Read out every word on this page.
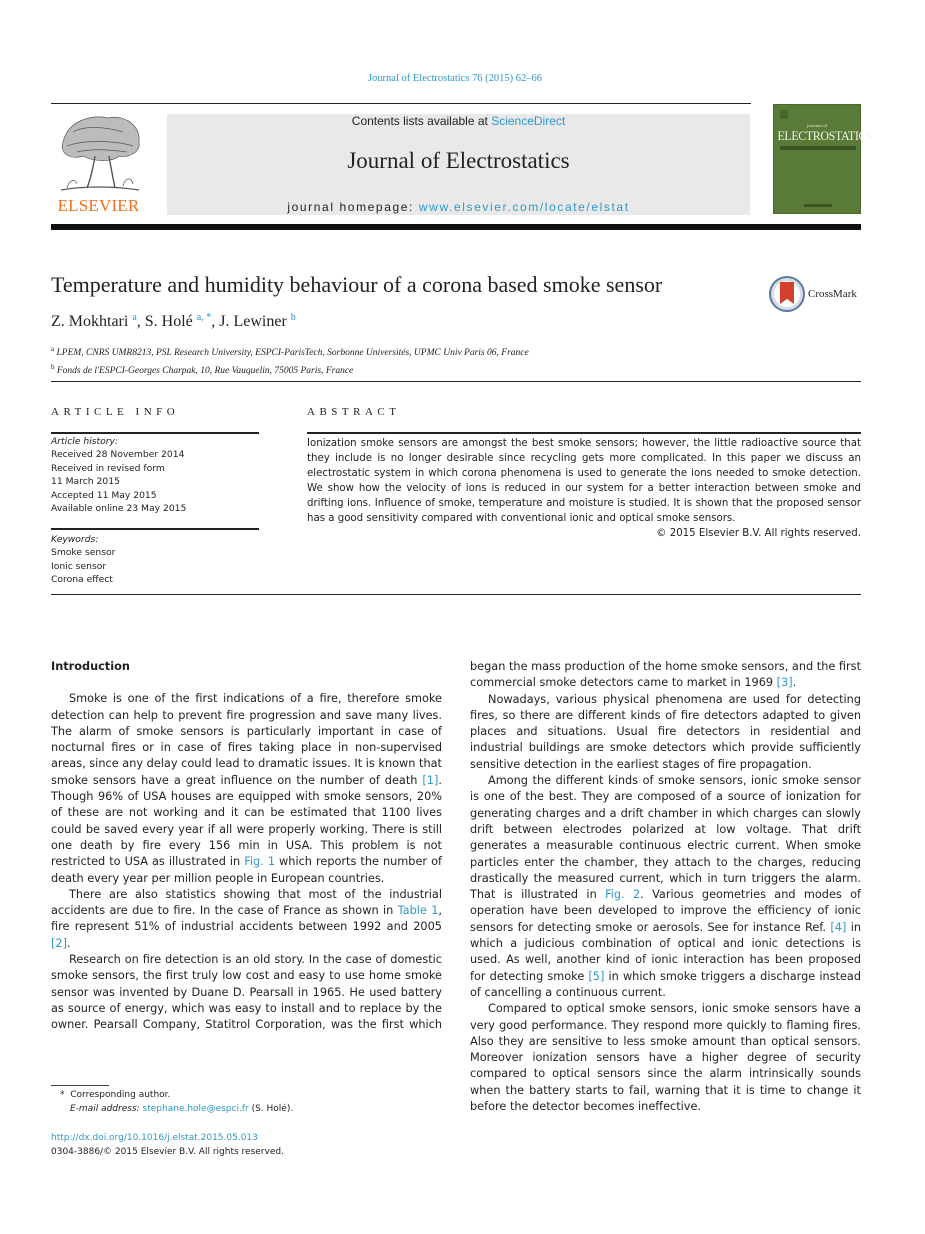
Journal of Electrostatics 76 (2015) 62–66
ELSEVIER
Contents lists available at ScienceDirect
Journal of Electrostatics
journal homepage: www.elsevier.com/locate/elstat
Journal of
ELECTROSTATICS
Temperature and humidity behaviour of a corona based smoke sensor	CrossMark
Z. Mokhtari $^a$, S. Holé $^{a, *}$, J. Lewiner $^b$
$^a$ LPEM, CNRS UMR8213, PSL Research University, ESPCI-ParisTech, Sorbonne Universités, UPMC Univ Paris 06, France
$^b$ Fonds de l'ESPCI-Georges Charpak, 10, Rue Vauquelin, 75005 Paris, France
ARTICLE INFO
Article history:
Received 28 November 2014
Received in revised form
11 March 2015
Accepted 11 May 2015
Available online 23 May 2015
Keywords:
Smoke sensor
Ionic sensor
Corona effect
ABSTRACT
Ionization smoke sensors are amongst the best smoke sensors; however, the little radioactive source that they include is no longer desirable since recycling gets more complicated. In this paper we discuss an electrostatic system in which corona phenomena is used to generate the ions needed to smoke detection. We show how the velocity of ions is reduced in our system for a better interaction between smoke and drifting ions. Influence of smoke, temperature and moisture is studied. It is shown that the proposed sensor has a good sensitivity compared with conventional ionic and optical smoke sensors.
© 2015 Elsevier B.V. All rights reserved.
Introduction

Smoke is one of the first indications of a fire, therefore smoke detection can help to prevent fire progression and save many lives. The alarm of smoke sensors is particularly important in case of nocturnal fires or in case of fires taking place in non-supervised areas, since any delay could lead to dramatic issues. It is known that smoke sensors have a great influence on the number of death [1]. Though 96% of USA houses are equipped with smoke sensors, 20% of these are not working and it can be estimated that 1100 lives could be saved every year if all were properly working. There is still one death by fire every 156 min in USA. This problem is not restricted to USA as illustrated in Fig. 1 which reports the number of death every year per million people in European countries.

There are also statistics showing that most of the industrial accidents are due to fire. In the case of France as shown in Table 1, fire represent 51% of industrial accidents between 1992 and 2005 [2].

Research on fire detection is an old story. In the case of domestic smoke sensors, the first truly low cost and easy to use home smoke sensor was invented by Duane D. Pearsall in 1965. He used battery as source of energy, which was easy to install and to replace by the owner. Pearsall Company, Statitrol Corporation, was the first which

began the mass production of the home smoke sensors, and the first commercial smoke detectors came to market in 1969 [3].

Nowadays, various physical phenomena are used for detecting fires, so there are different kinds of fire detectors adapted to given places and situations. Usual fire detectors in residential and industrial buildings are smoke detectors which provide sufficiently sensitive detection in the earliest stages of fire propagation.

Among the different kinds of smoke sensors, ionic smoke sensor is one of the best. They are composed of a source of ionization for generating charges and a drift chamber in which charges can slowly drift between electrodes polarized at low voltage. That drift generates a measurable continuous electric current. When smoke particles enter the chamber, they attach to the charges, reducing drastically the measured current, which in turn triggers the alarm. That is illustrated in Fig. 2. Various geometries and modes of operation have been developed to improve the efficiency of ionic sensors for detecting smoke or aerosols. See for instance Ref. [4] in which a judicious combination of optical and ionic detections is used. As well, another kind of ionic interaction has been proposed for detecting smoke [5] in which smoke triggers a discharge instead of cancelling a continuous current.

Compared to optical smoke sensors, ionic smoke sensors have a very good performance. They respond more quickly to flaming fires. Also they are sensitive to less smoke amount than optical sensors. Moreover ionization sensors have a higher degree of security compared to optical sensors since the alarm intrinsically sounds when the battery starts to fail, warning that it is time to change it before the detector becomes ineffective.

* Corresponding author.
E-mail address: stephane.hole@espci.fr (S. Holé).
http://dx.doi.org/10.1016/j.elstat.2015.05.013
0304-3886/© 2015 Elsevier B.V. All rights reserved.
